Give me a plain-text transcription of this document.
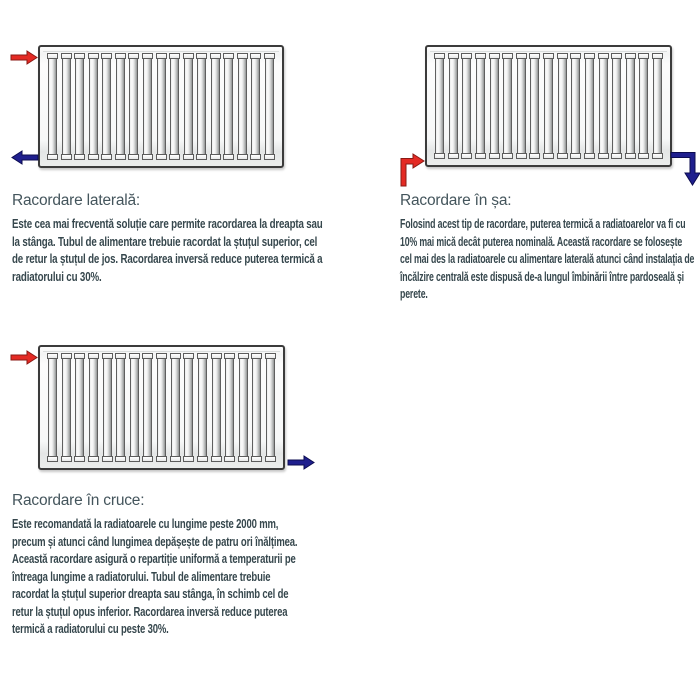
Racordare laterală:

Este cea mai frecventă soluție care permite racordarea la dreapta sau la stânga. Tubul de alimentare trebuie racordat la ștuțul superior, cel de retur la ștuțul de jos. Racordarea inversă reduce puterea termică a radiatorului cu 30%.

Racordare în șa:

Folosind acest tip de racordare, puterea termică a radiatoarelor va fi cu 10% mai mică decât puterea nominală. Această racordare se folosește cel mai des la radiatoarele cu alimentare laterală atunci când instalația de încălzire centrală este dispusă de-a lungul îmbinării între pardoseală și perete.

Racordare în cruce:

Este recomandată la radiatoarele cu lungime peste 2000 mm, precum și atunci când lungimea depășește de patru ori înălțimea. Această racordare asigură o repartiție uniformă a temperaturii pe întreaga lungime a radiatorului. Tubul de alimentare trebuie racordat la ștuțul superior dreapta sau stânga, în schimb cel de retur la ștuțul opus inferior. Racordarea inversă reduce puterea termică a radiatorului cu peste 30%.
